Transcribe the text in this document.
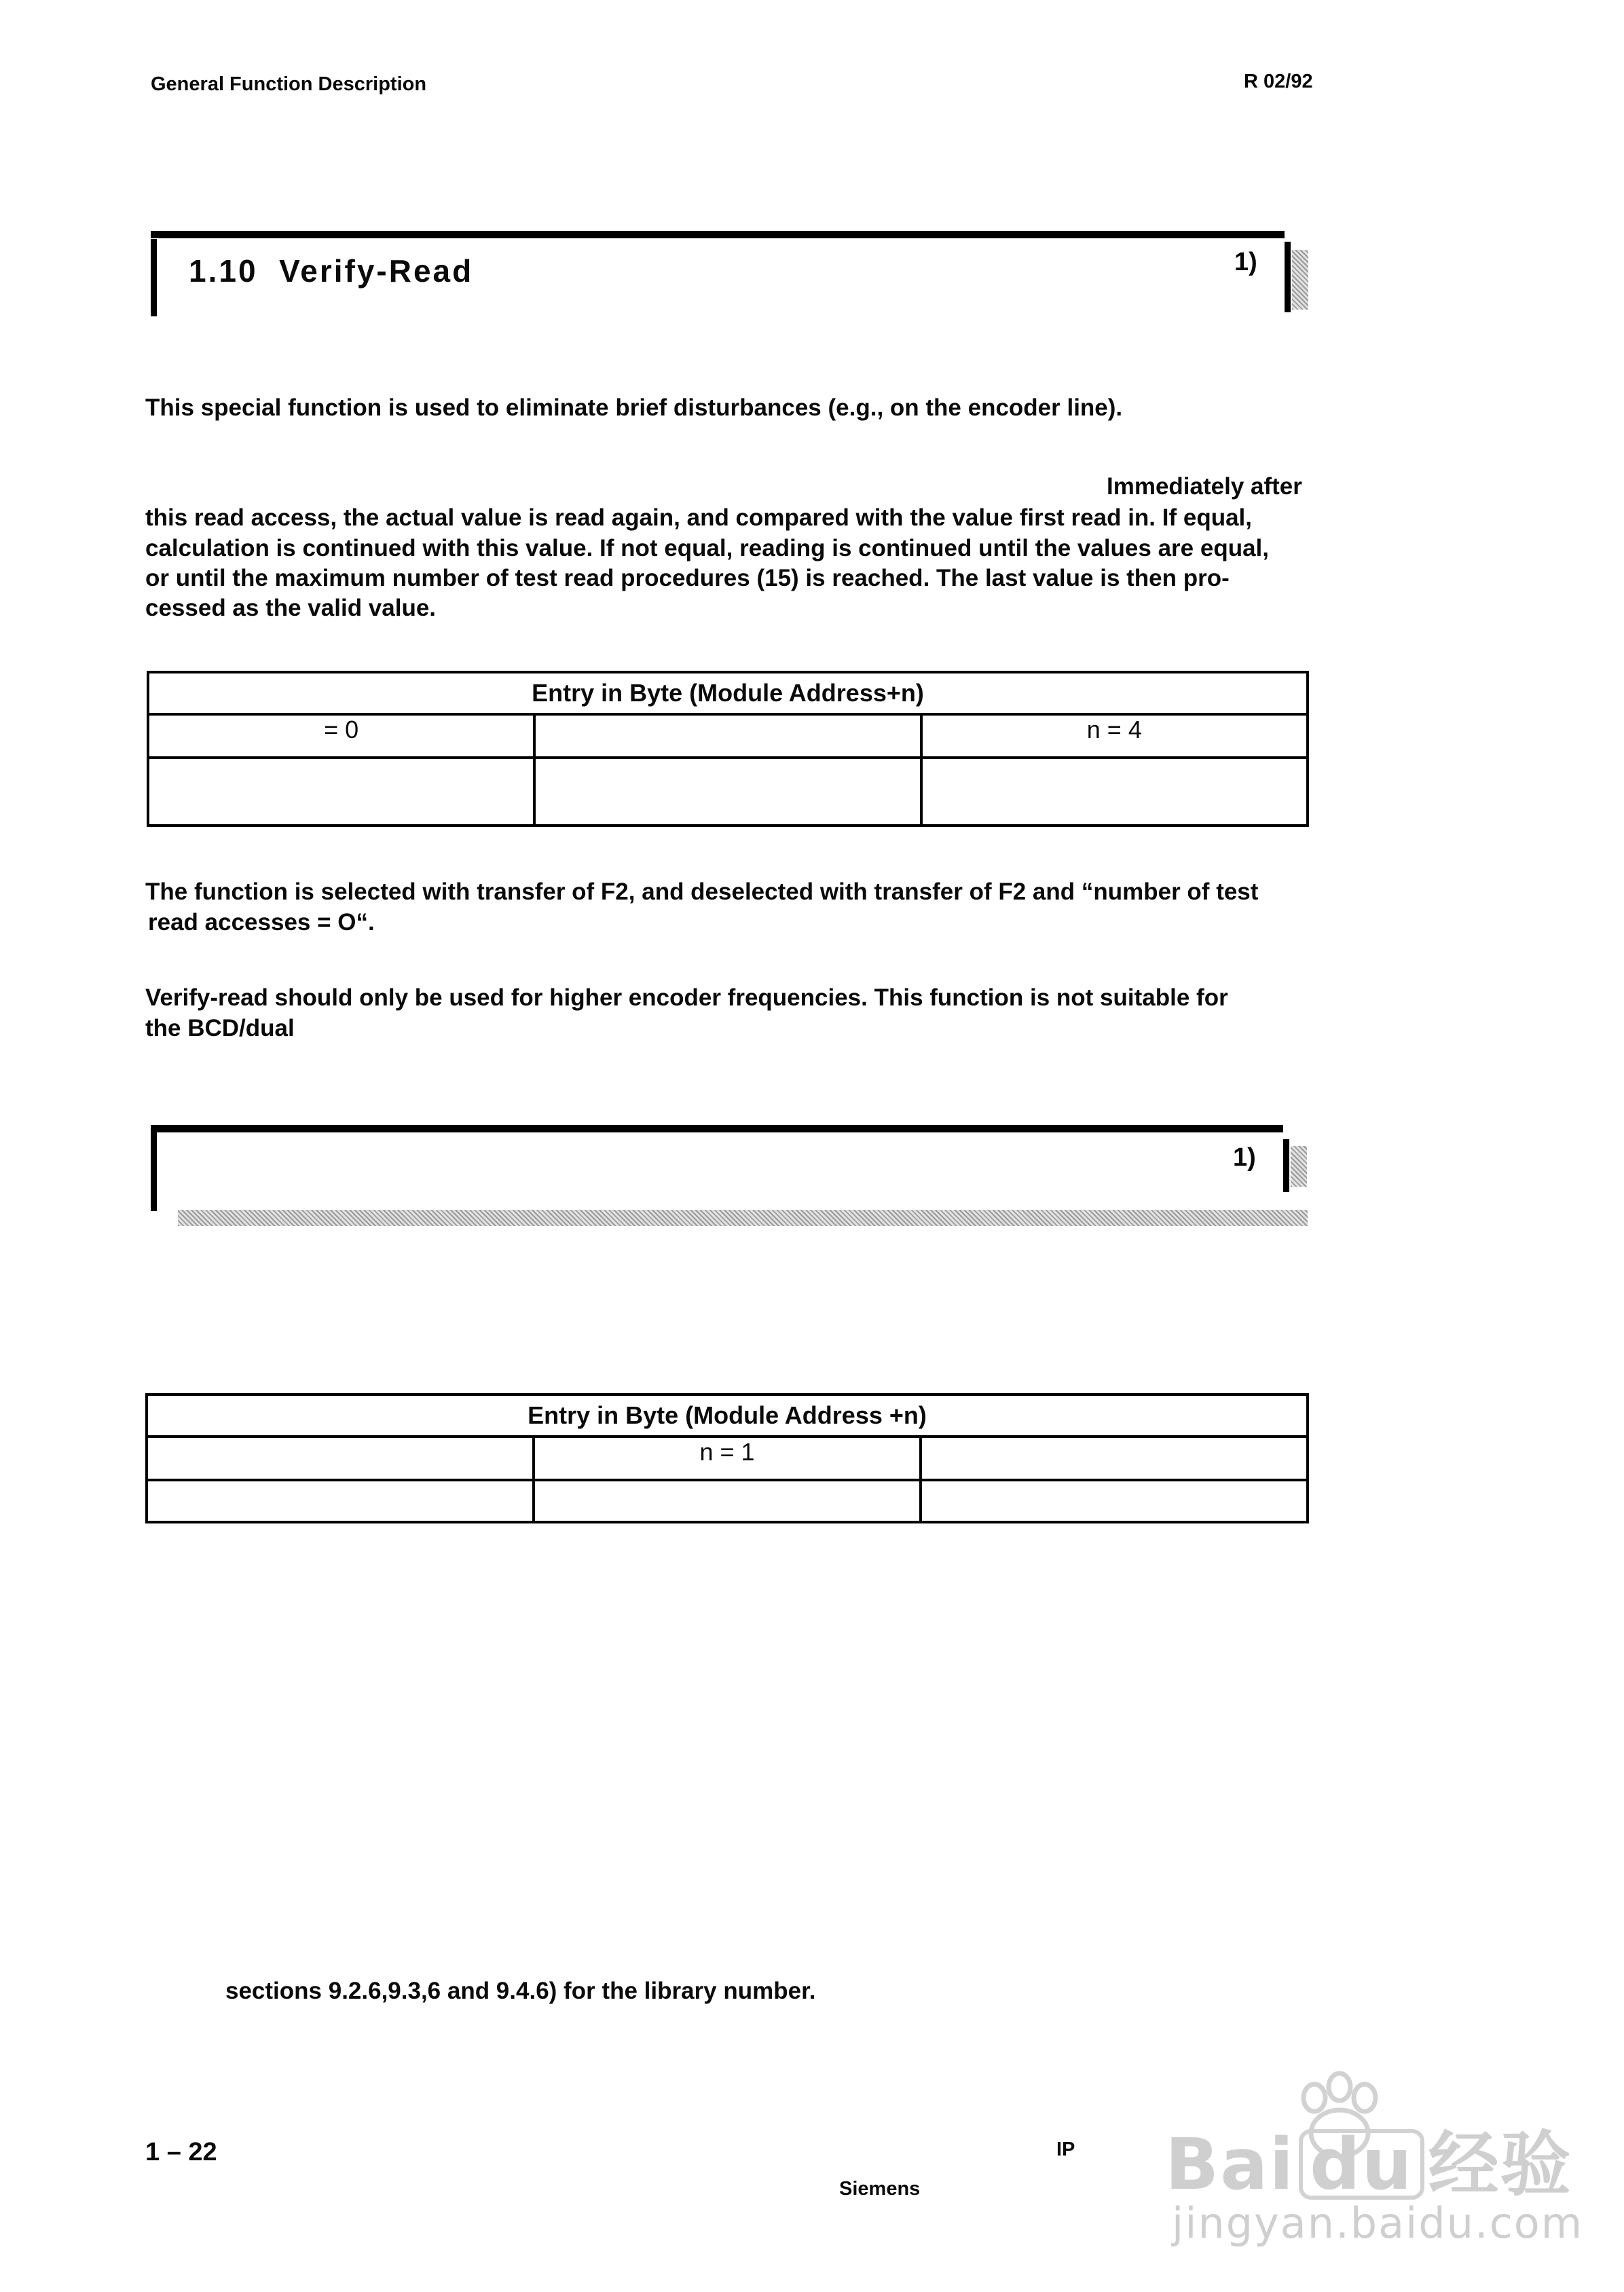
General Function Description	R 02/92
1.10  Verify-Read	1)
This special function is used to eliminate brief disturbances (e.g., on the encoder line).
Immediately after
this read access, the actual value is read again, and compared with the value first read in. If equal,
calculation is continued with this value. If not equal, reading is continued until the values are equal,
or until the maximum number of test read procedures (15) is reached. The last value is then pro-
cessed as the valid value.
Entry in Byte (Module Address+n)		
= 0		n = 4

The function is selected with transfer of F2, and deselected with transfer of F2 and “number of test
read accesses = O“.
Verify-read should only be used for higher encoder frequencies. This function is not suitable for
the BCD/dual
1)
Entry in Byte (Module Address +n)		
	n = 1	

sections 9.2.6,9.3,6 and 9.4.6) for the library number.
1 – 22	IP
Siemens	Bai du 经验
jingyan.baidu.com
